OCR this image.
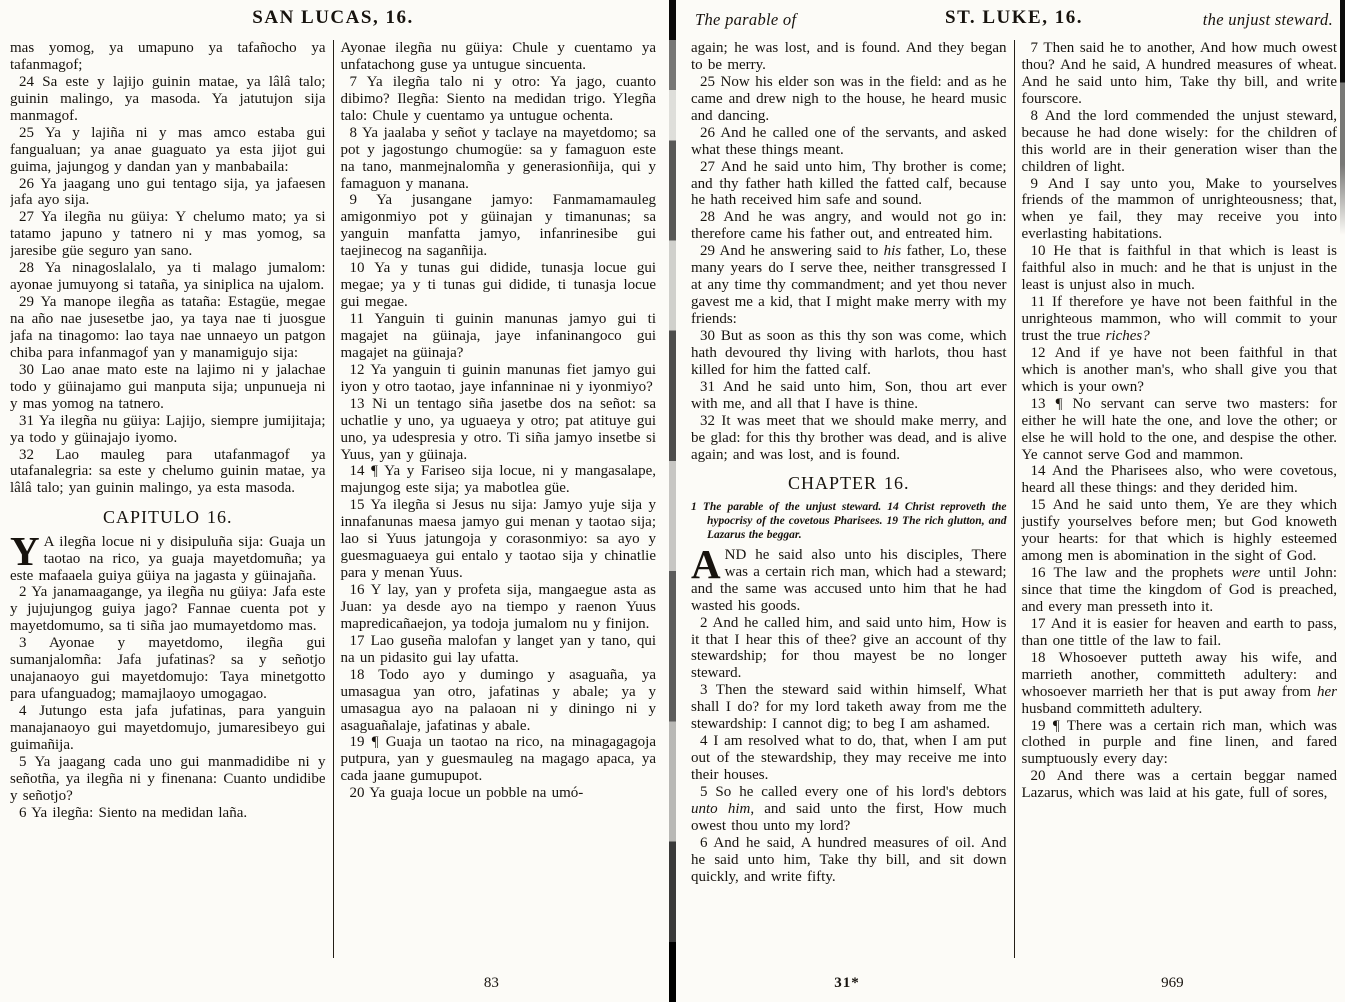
SAN LUCAS, 16.

mas yomog, ya umapuno ya tafañocho ya tafanmagof;

24 Sa este y lajijo guinin matae, ya lâlâ talo; guinin malingo, ya masoda. Ya jatutujon sija manmagof.

25 Ya y lajiña ni y mas amco estaba gui fangualuan; ya anae guaguato ya esta jijot gui guima, jajungog y dandan yan y manbabaila:

26 Ya jaagang uno gui tentago sija, ya jafaesen jafa ayo sija.

27 Ya ilegña nu güiya: Y chelumo mato; ya si tatamo japuno y tatnero ni y mas yomog, sa jaresibe güe seguro yan sano.

28 Ya ninagoslalalo, ya ti malago jumalom: ayonae jumuyong si tataña, ya siniplica na ujalom.

29 Ya manope ilegña as tataña: Estagüe, megae na año nae jusesetbe jao, ya taya nae ti juosgue jafa na tinagomo: lao taya nae unnaeyo un patgon chiba para infanmagof yan y manamigujo sija:

30 Lao anae mato este na lajimo ni y jalachae todo y güinajamo gui manputa sija; unpunueja ni y mas yomog na tatnero.

31 Ya ilegña nu güiya: Lajijo, siempre jumijitaja; ya todo y güinajajo iyomo.

32 Lao mauleg para utafanmagof ya utafanalegria: sa este y chelumo guinin matae, ya lâlâ talo; yan guinin malingo, ya esta masoda.

CAPITULO 16.

Y A ilegña locue ni y disipuluña sija: Guaja un taotao na rico, ya guaja mayetdomuña; ya este mafaaela guiya güiya na jagasta y güinajaña.

2 Ya janamaagange, ya ilegña nu güiya: Jafa este y jujujungog guiya jago? Fannae cuenta pot y mayetdomumo, sa ti siña jao mumayetdomo mas.

3 Ayonae y mayetdomo, ilegña gui sumanjalomña: Jafa jufatinas? sa y señotjo unajanaoyo gui mayetdomujo: Taya minetgotto para ufanguadog; mamajlaoyo umogagao.

4 Jutungo esta jafa jufatinas, para yanguin manajanaoyo gui mayetdomujo, jumaresibeyo gui guimañija.

5 Ya jaagang cada uno gui manmadidibe ni y señotña, ya ilegña ni y finenana: Cuanto undidibe y señotjo?

6 Ya ilegña: Siento na medidan laña.

Ayonae ilegña nu güiya: Chule y cuentamo ya unfatachong guse ya untugue sincuenta.

7 Ya ilegña talo ni y otro: Ya jago, cuanto dibimo? Ilegña: Siento na medidan trigo. Ylegña talo: Chule y cuentamo ya untugue ochenta.

8 Ya jaalaba y señot y taclaye na mayetdomo; sa pot y jagostungo chumogüe: sa y famaguon este na tano, manmejnalomña y generasionñija, qui y famaguon y manana.

9 Ya jusangane jamyo: Fanmamamauleg amigonmiyo pot y güinajan y timanunas; sa yanguin manfatta jamyo, infanrinesibe gui taejinecog na saganñija.

10 Ya y tunas gui didide, tunasja locue gui megae; ya y ti tunas gui didide, ti tunasja locue gui megae.

11 Yanguin ti guinin manunas jamyo gui ti magajet na güinaja, jaye infaninangoco gui magajet na güinaja?

12 Ya yanguin ti guinin manunas fiet jamyo gui iyon y otro taotao, jaye infanninae ni y iyonmiyo?

13 Ni un tentago siña jasetbe dos na señot: sa uchatlie y uno, ya uguaeya y otro; pat atituye gui uno, ya udespresia y otro. Ti siña jamyo insetbe si Yuus, yan y güinaja.

14 ¶ Ya y Fariseo sija locue, ni y mangasalape, majungog este sija; ya mabotlea güe.

15 Ya ilegña si Jesus nu sija: Jamyo yuje sija y innafanunas maesa jamyo gui menan y taotao sija; lao si Yuus jatungoja y corasonmiyo: sa ayo y guesmaguaeya gui entalo y taotao sija y chinatlie para y menan Yuus.

16 Y lay, yan y profeta sija, mangaegue asta as Juan: ya desde ayo na tiempo y raenon Yuus mapredicañaejon, ya todoja jumalom nu y finijon.

17 Lao guseña malofan y langet yan y tano, qui na un pidasito gui lay ufatta.

18 Todo ayo y dumingo y asaguaña, ya umasagua yan otro, jafatinas y abale; ya y umasagua ayo na palaoan ni y diningo ni y asaguañalaje, jafatinas y abale.

19 ¶ Guaja un taotao na rico, na minagagagoja putpura, yan y guesmauleg na magago apaca, ya cada jaane gumupupot.

20 Ya guaja locue un pobble na umó-

83
The parable of	ST. LUKE, 16.	the unjust steward.

again; he was lost, and is found. And they began to be merry.

25 Now his elder son was in the field: and as he came and drew nigh to the house, he heard music and dancing.

26 And he called one of the servants, and asked what these things meant.

27 And he said unto him, Thy brother is come; and thy father hath killed the fatted calf, because he hath received him safe and sound.

28 And he was angry, and would not go in: therefore came his father out, and entreated him.

29 And he answering said to his father, Lo, these many years do I serve thee, neither transgressed I at any time thy commandment; and yet thou never gavest me a kid, that I might make merry with my friends:

30 But as soon as this thy son was come, which hath devoured thy living with harlots, thou hast killed for him the fatted calf.

31 And he said unto him, Son, thou art ever with me, and all that I have is thine.

32 It was meet that we should make merry, and be glad: for this thy brother was dead, and is alive again; and was lost, and is found.

CHAPTER 16.

1 The parable of the unjust steward. 14 Christ reproveth the hypocrisy of the covetous Pharisees. 19 The rich glutton, and Lazarus the beggar.

AND he said also unto his disciples, There was a certain rich man, which had a steward; and the same was accused unto him that he had wasted his goods.

2 And he called him, and said unto him, How is it that I hear this of thee? give an account of thy stewardship; for thou mayest be no longer steward.

3 Then the steward said within himself, What shall I do? for my lord taketh away from me the stewardship: I cannot dig; to beg I am ashamed.

4 I am resolved what to do, that, when I am put out of the stewardship, they may receive me into their houses.

5 So he called every one of his lord's debtors unto him, and said unto the first, How much owest thou unto my lord?

6 And he said, A hundred measures of oil. And he said unto him, Take thy bill, and sit down quickly, and write fifty.

7 Then said he to another, And how much owest thou? And he said, A hundred measures of wheat. And he said unto him, Take thy bill, and write fourscore.

8 And the lord commended the unjust steward, because he had done wisely: for the children of this world are in their generation wiser than the children of light.

9 And I say unto you, Make to yourselves friends of the mammon of unrighteousness; that, when ye fail, they may receive you into everlasting habitations.

10 He that is faithful in that which is least is faithful also in much: and he that is unjust in the least is unjust also in much.

11 If therefore ye have not been faithful in the unrighteous mammon, who will commit to your trust the true riches?

12 And if ye have not been faithful in that which is another man's, who shall give you that which is your own?

13 ¶ No servant can serve two masters: for either he will hate the one, and love the other; or else he will hold to the one, and despise the other. Ye cannot serve God and mammon.

14 And the Pharisees also, who were covetous, heard all these things: and they derided him.

15 And he said unto them, Ye are they which justify yourselves before men; but God knoweth your hearts: for that which is highly esteemed among men is abomination in the sight of God.

16 The law and the prophets were until John: since that time the kingdom of God is preached, and every man presseth into it.

17 And it is easier for heaven and earth to pass, than one tittle of the law to fail.

18 Whosoever putteth away his wife, and marrieth another, committeth adultery: and whosoever marrieth her that is put away from her husband committeth adultery.

19 ¶ There was a certain rich man, which was clothed in purple and fine linen, and fared sumptuously every day:

20 And there was a certain beggar named Lazarus, which was laid at his gate, full of sores,

31*	969
